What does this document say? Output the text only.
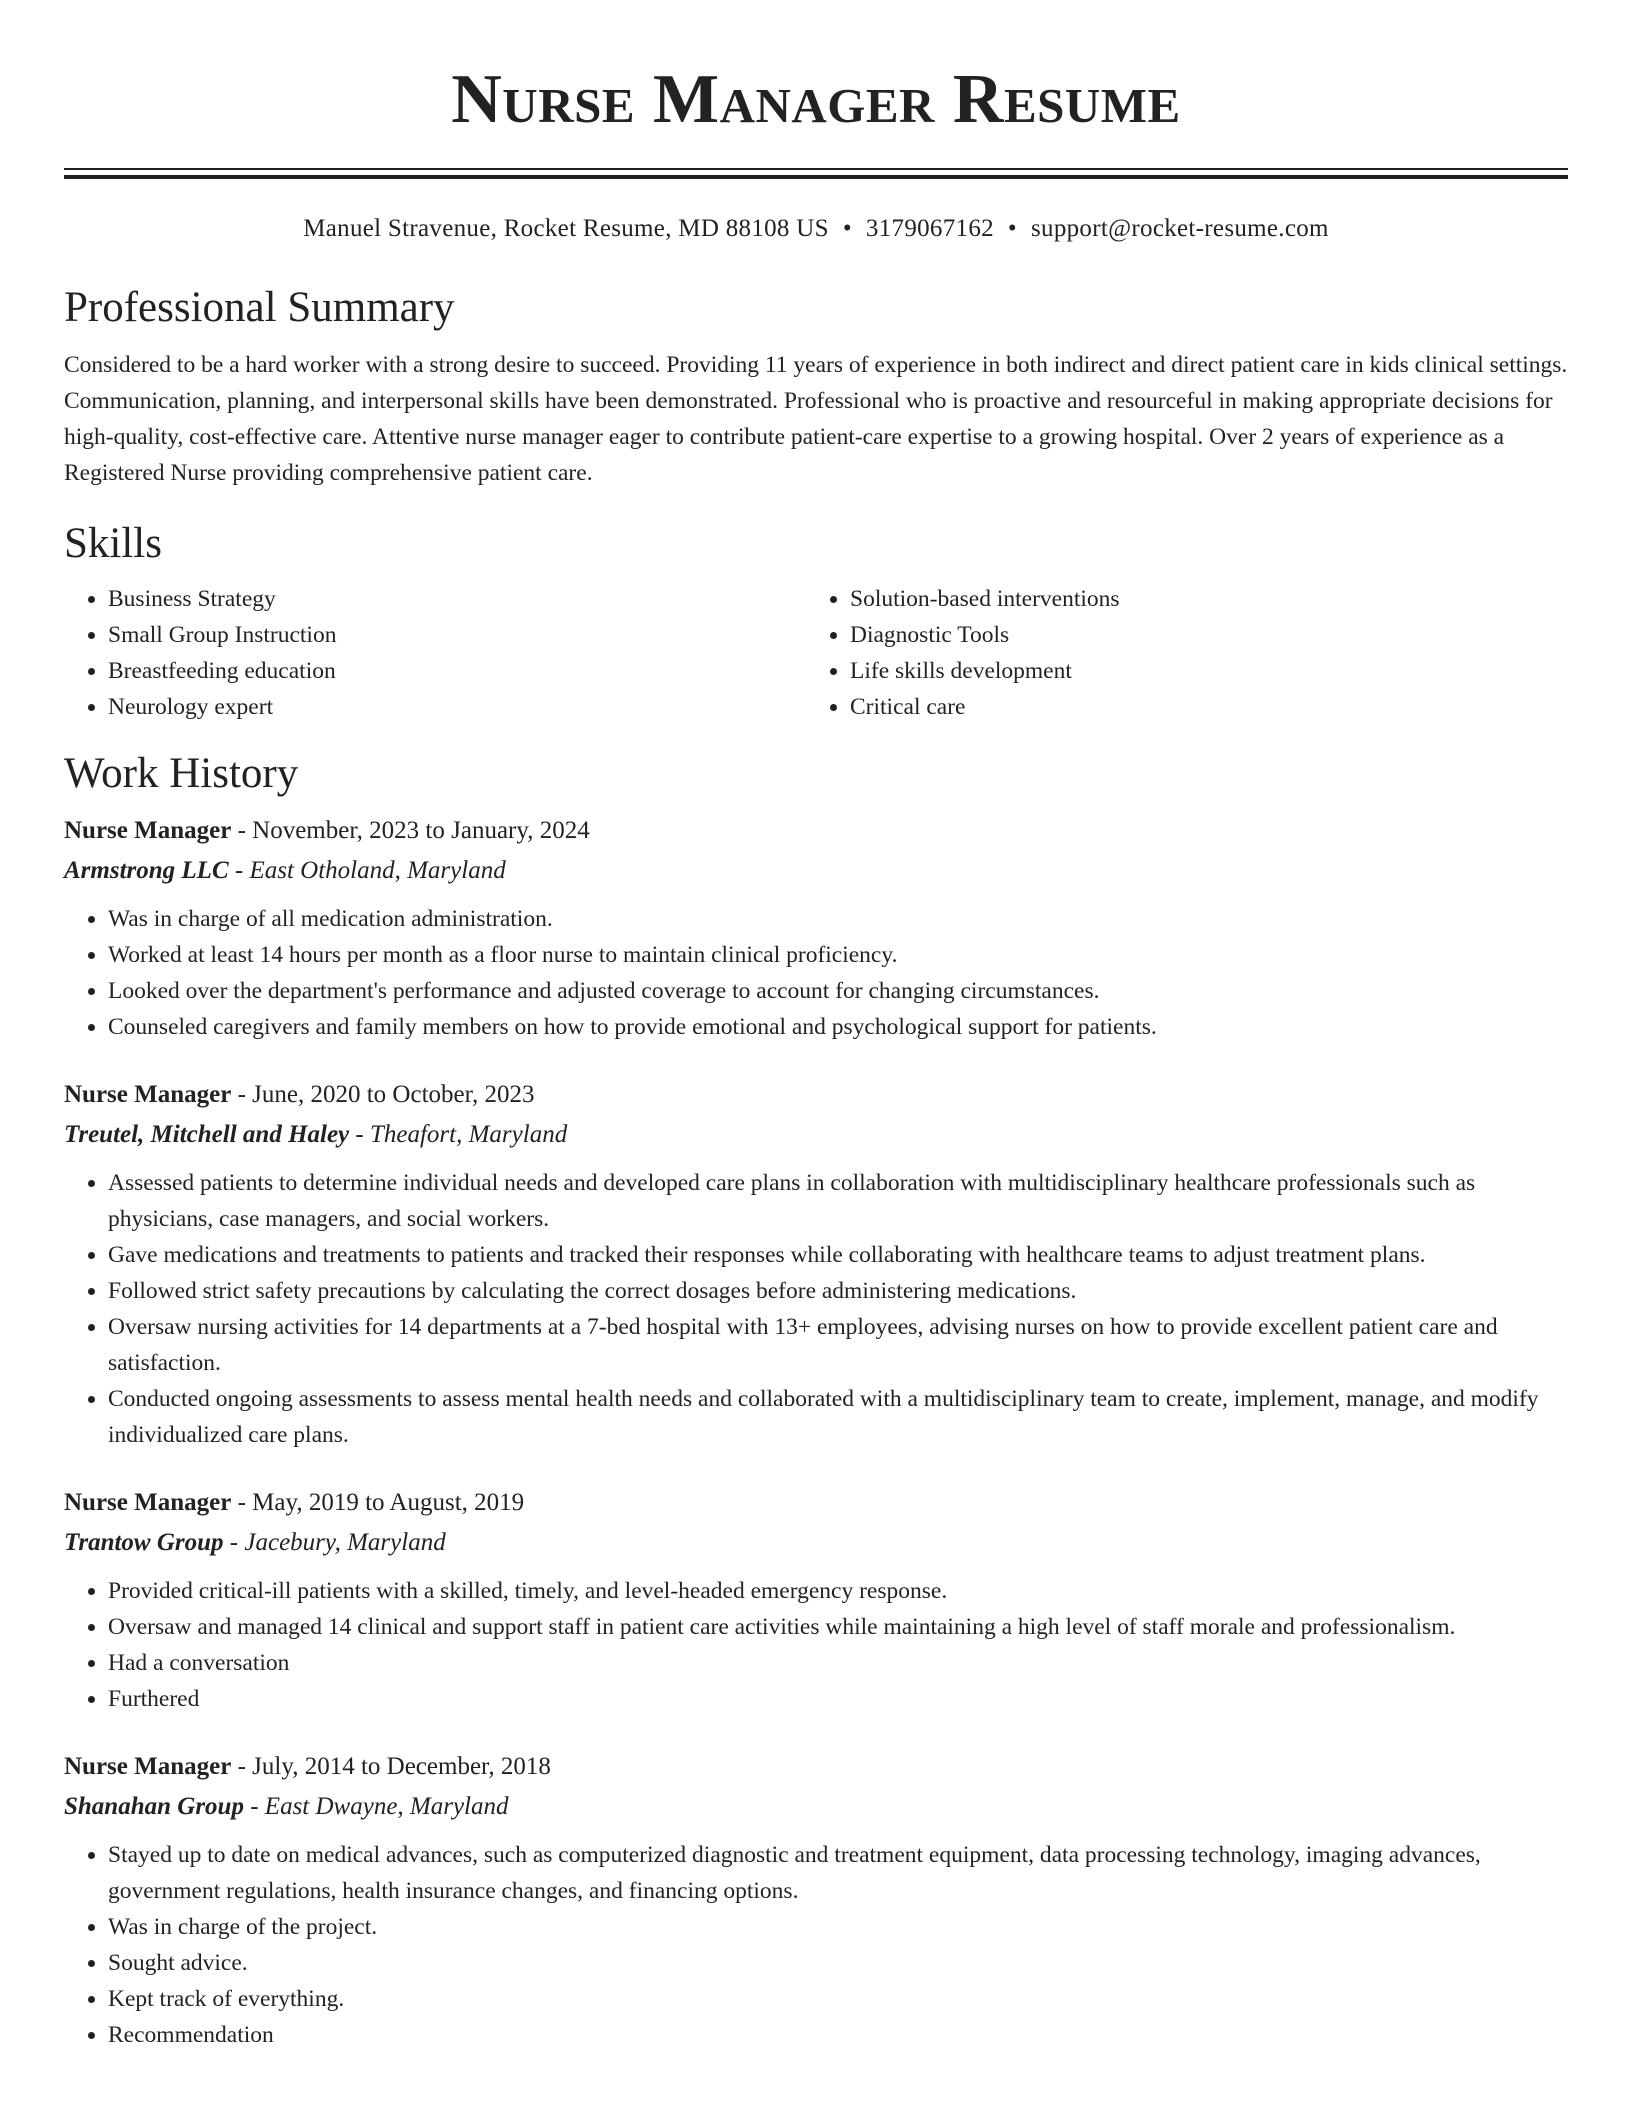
Nurse Manager Resume
Manuel Stravenue, Rocket Resume, MD 88108 US • 3179067162 • support@rocket-resume.com
Professional Summary

Considered to be a hard worker with a strong desire to succeed. Providing 11 years of experience in both indirect and direct patient care in kids clinical settings. Communication, planning, and interpersonal skills have been demonstrated. Professional who is proactive and resourceful in making appropriate decisions for high-quality, cost-effective care. Attentive nurse manager eager to contribute patient-care expertise to a growing hospital. Over 2 years of experience as a Registered Nurse providing comprehensive patient care.

Skills
• Business Strategy
• Small Group Instruction
• Breastfeeding education
• Neurology expert
• Solution-based interventions
• Diagnostic Tools
• Life skills development
• Critical care
Work History
Nurse Manager - November, 2023 to January, 2024
Armstrong LLC - East Otholand, Maryland
• Was in charge of all medication administration.
• Worked at least 14 hours per month as a floor nurse to maintain clinical proficiency.
• Looked over the department's performance and adjusted coverage to account for changing circumstances.
• Counseled caregivers and family members on how to provide emotional and psychological support for patients.
Nurse Manager - June, 2020 to October, 2023
Treutel, Mitchell and Haley - Theafort, Maryland
• Assessed patients to determine individual needs and developed care plans in collaboration with multidisciplinary healthcare professionals such as physicians, case managers, and social workers.
• Gave medications and treatments to patients and tracked their responses while collaborating with healthcare teams to adjust treatment plans.
• Followed strict safety precautions by calculating the correct dosages before administering medications.
• Oversaw nursing activities for 14 departments at a 7-bed hospital with 13+ employees, advising nurses on how to provide excellent patient care and satisfaction.
• Conducted ongoing assessments to assess mental health needs and collaborated with a multidisciplinary team to create, implement, manage, and modify individualized care plans.
Nurse Manager - May, 2019 to August, 2019
Trantow Group - Jacebury, Maryland
• Provided critical-ill patients with a skilled, timely, and level-headed emergency response.
• Oversaw and managed 14 clinical and support staff in patient care activities while maintaining a high level of staff morale and professionalism.
• Had a conversation
• Furthered
Nurse Manager - July, 2014 to December, 2018
Shanahan Group - East Dwayne, Maryland
• Stayed up to date on medical advances, such as computerized diagnostic and treatment equipment, data processing technology, imaging advances, government regulations, health insurance changes, and financing options.
• Was in charge of the project.
• Sought advice.
• Kept track of everything.
• Recommendation
